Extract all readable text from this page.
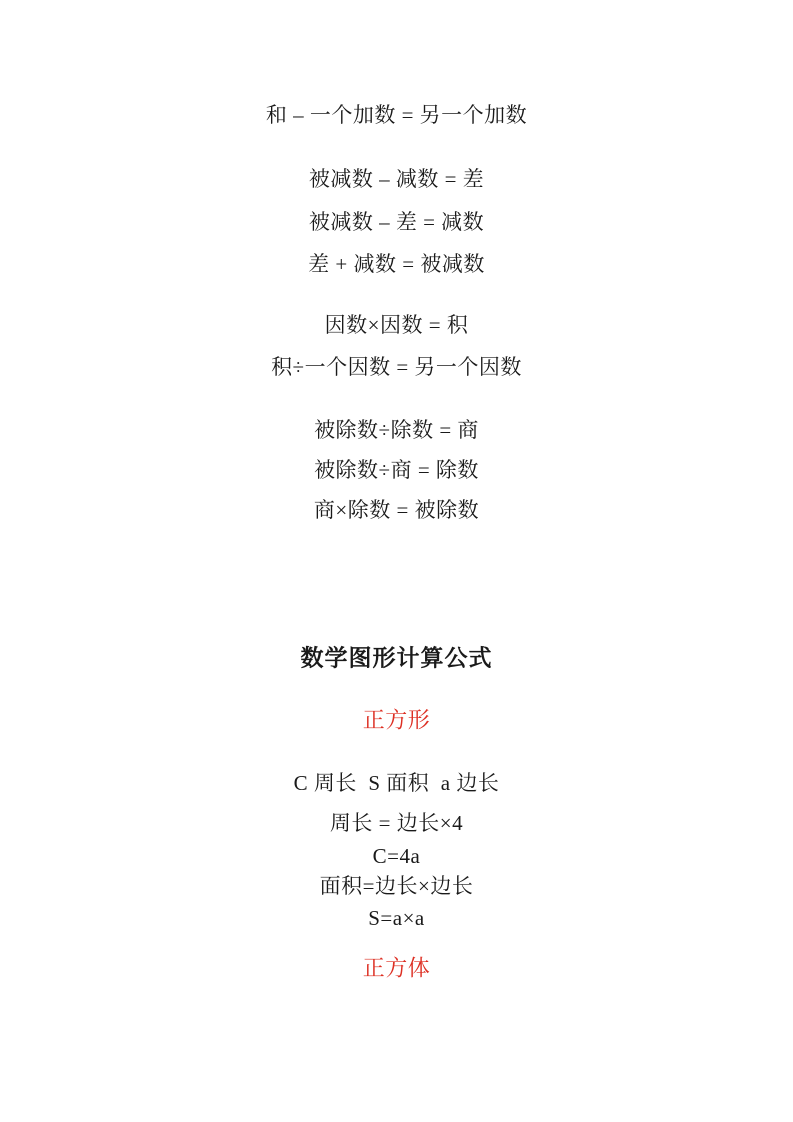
和 – 一个加数 = 另一个加数
被减数 – 减数 = 差
被减数 – 差 = 减数
差 + 减数 = 被减数
因数×因数 = 积
积÷一个因数 = 另一个因数
被除数÷除数 = 商
被除数÷商 = 除数
商×除数 = 被除数
数学图形计算公式
正方形
C 周长  S 面积  a 边长
周长 = 边长×4
C=4a
面积=边长×边长
S=a×a
正方体
